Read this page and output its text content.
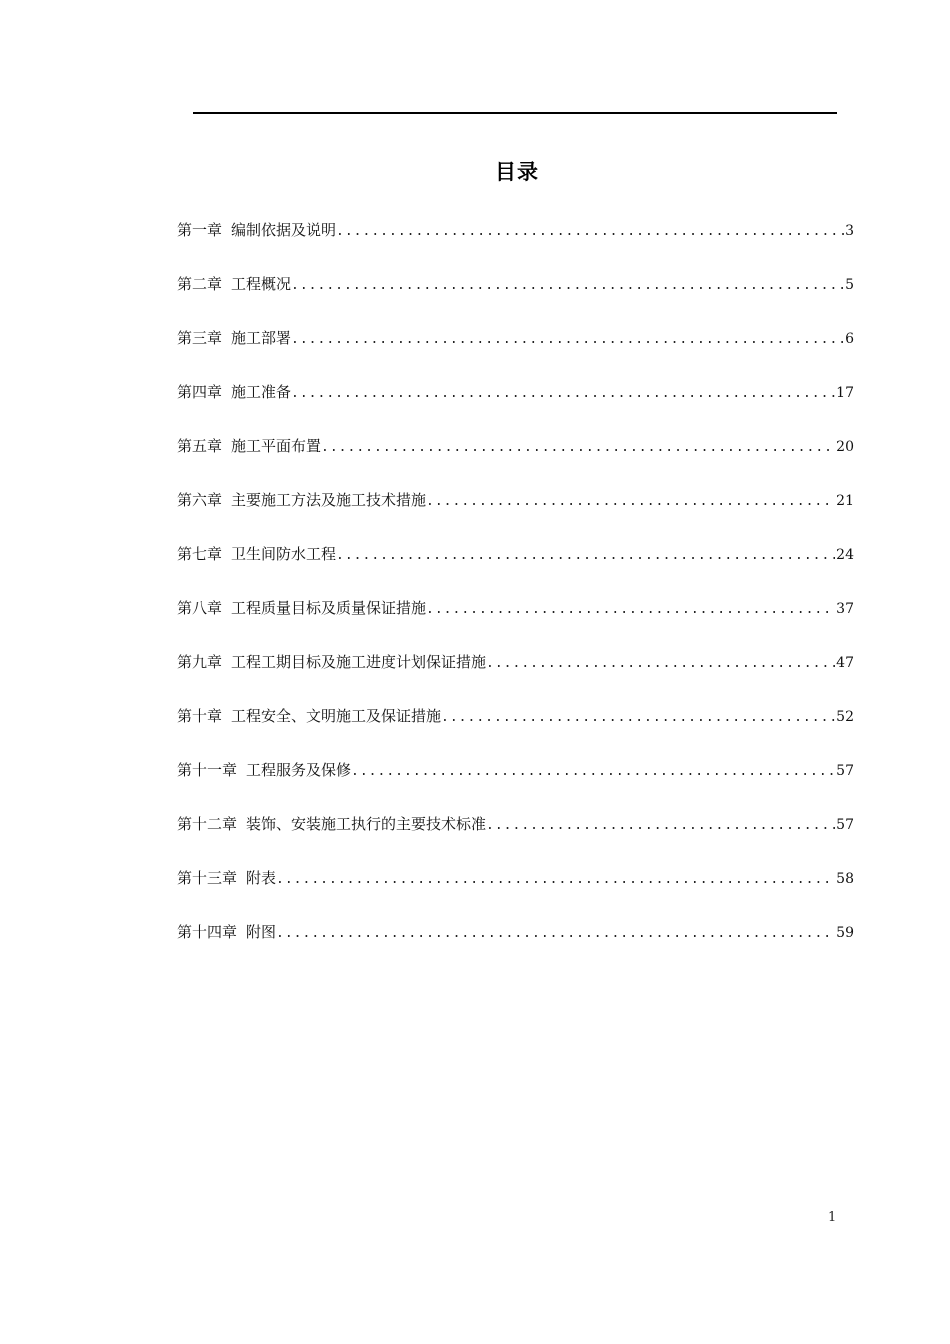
目录
第一章 编制依据及说明 .....	3
第二章 工程概况 .....	5
第三章 施工部署 .....	6
第四章 施工准备 .....	17
第五章 施工平面布置 .....	20
第六章 主要施工方法及施工技术措施 .....	21
第七章 卫生间防水工程 .....	24
第八章 工程质量目标及质量保证措施 .....	37
第九章 工程工期目标及施工进度计划保证措施 .....	47
第十章 工程安全、文明施工及保证措施 .....	52
第十一章 工程服务及保修 .....	57
第十二章 装饰、安装施工执行的主要技术标准 .....	57
第十三章 附表 .....	58
第十四章 附图 .....	59
1
